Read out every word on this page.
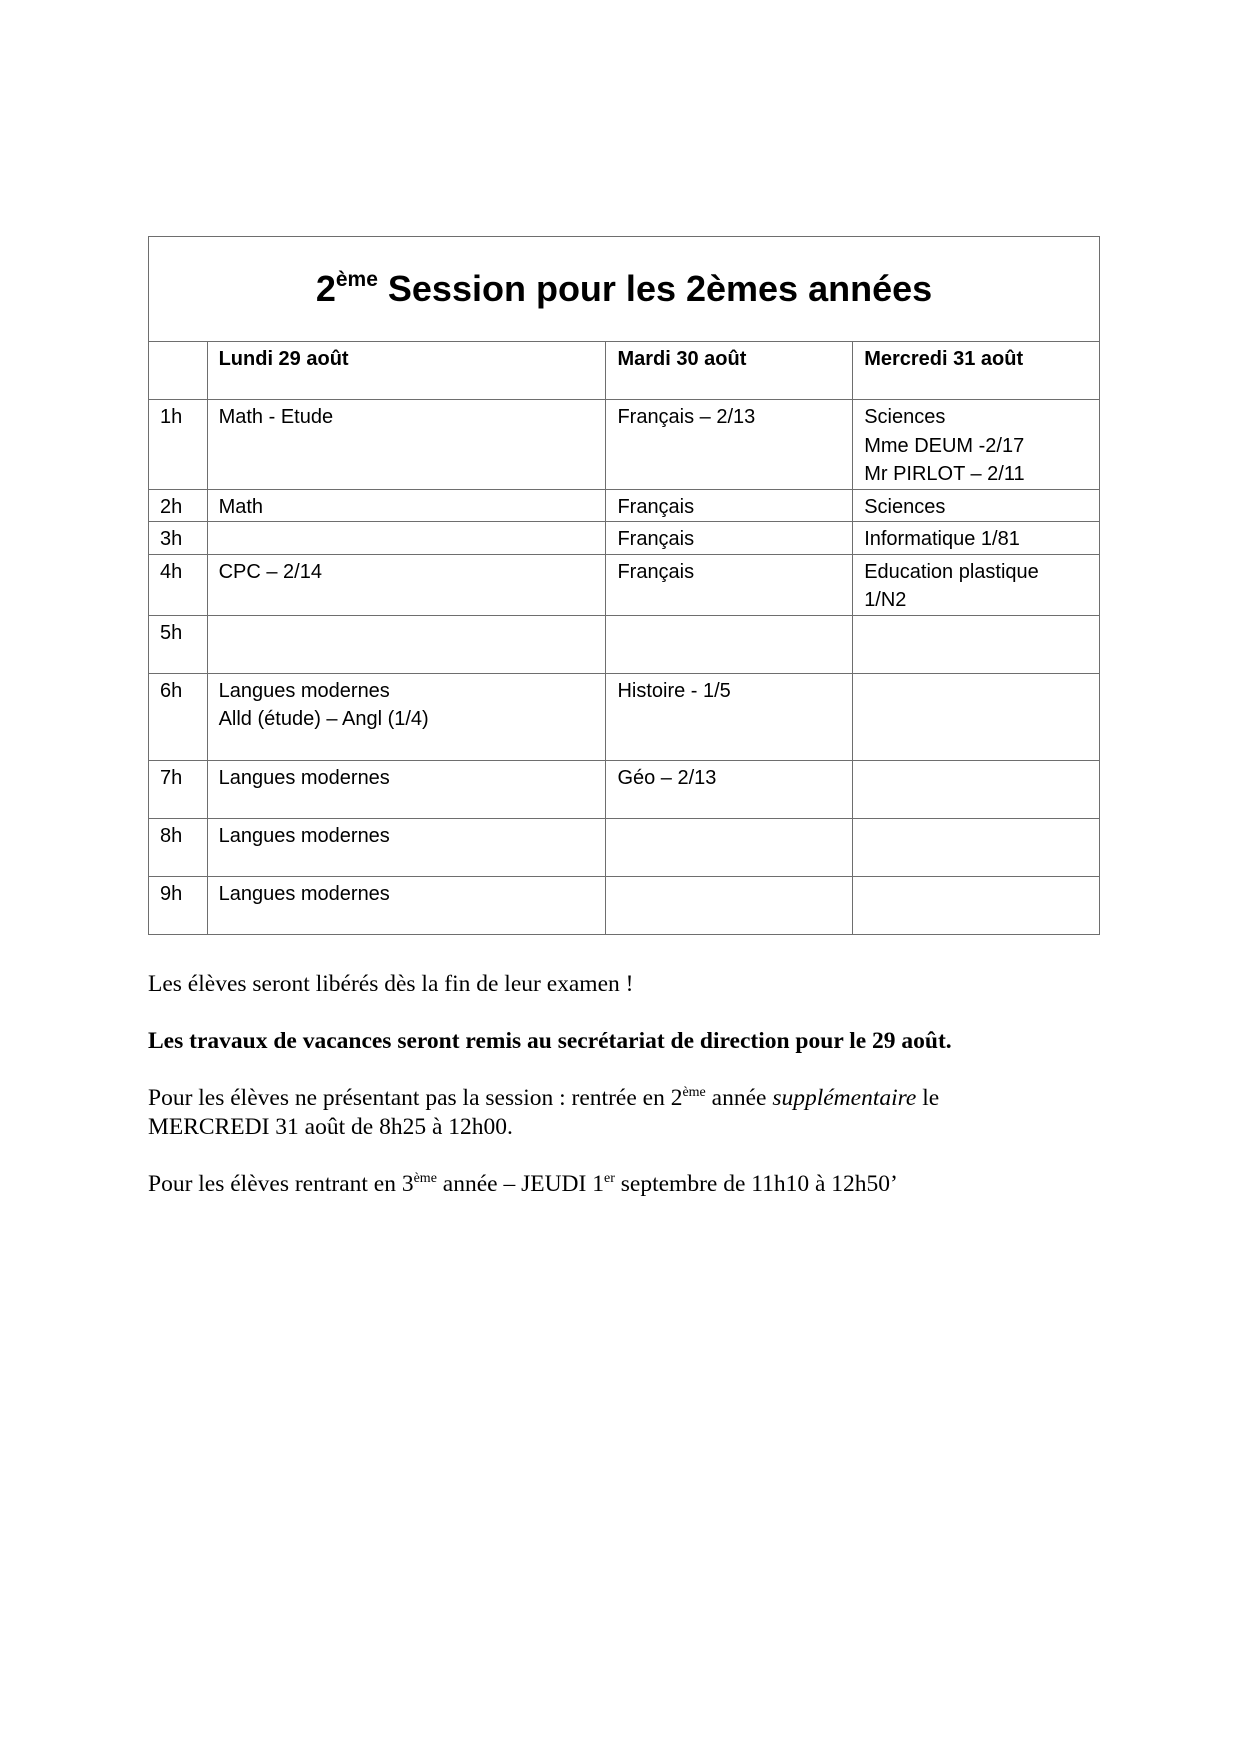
2ème Session pour les 2èmes années			
	Lundi 29 août	Mardi 30 août	Mercredi 31 août
1h	Math - Etude	Français – 2/13	Sciences
Mme DEUM -2/17
Mr PIRLOT – 2/11

2h	Math	Français	Sciences

3h		Français	Informatique 1/81

4h	CPC – 2/14	Français	Education plastique
1/N2

5h	

6h	Langues modernes
Alld (étude) – Angl (1/4)	Histoire - 1/5	

7h	Langues modernes	Géo – 2/13	

8h	Langues modernes		

9h	Langues modernes		

Les élèves seront libérés dès la fin de leur examen !

Les travaux de vacances seront remis au secrétariat de direction pour le 29 août.

Pour les élèves ne présentant pas la session : rentrée en 2ème année supplémentaire le
MERCREDI 31 août de 8h25 à 12h00.

Pour les élèves rentrant en 3ème année – JEUDI 1er septembre de 11h10 à 12h50’
